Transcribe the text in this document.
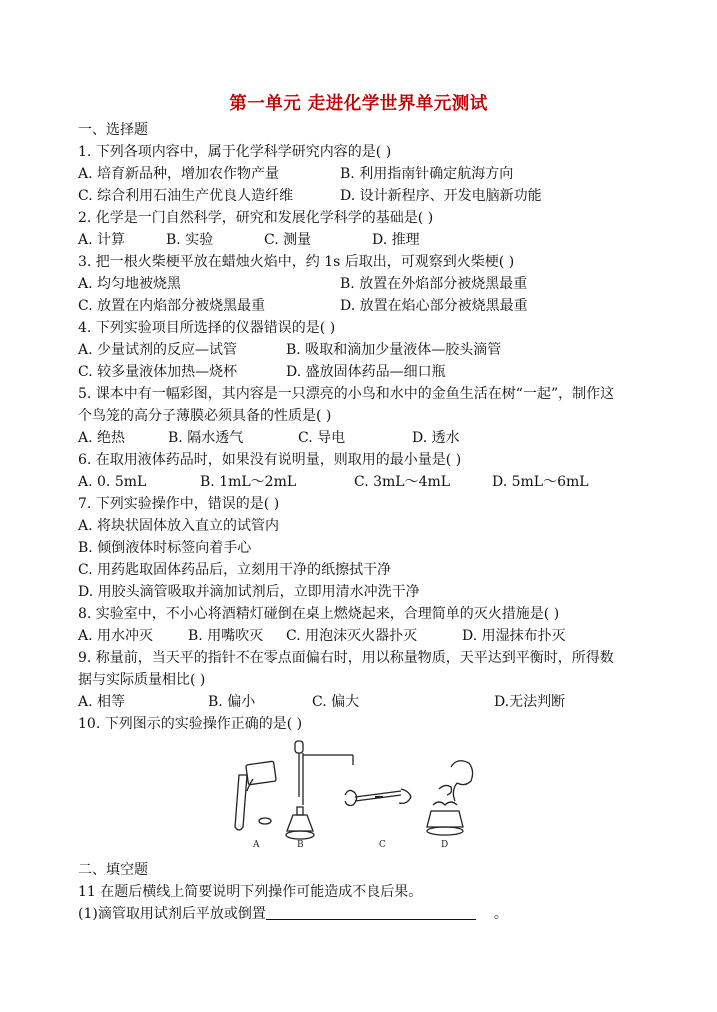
第一单元 走进化学世界单元测试
一、选择题
1. 下列各项内容中，属于化学科学研究内容的是( )
A. 培育新品种，增加农作物产量	B. 利用指南针确定航海方向
C. 综合利用石油生产优良人造纤维	D. 设计新程序、开发电脑新功能
2. 化学是一门自然科学，研究和发展化学科学的基础是( )
A. 计算	B. 实验	C. 测量	D. 推理
3. 把一根火柴梗平放在蜡烛火焰中，约 1s 后取出，可观察到火柴梗( )
A. 均匀地被烧黑	B. 放置在外焰部分被烧黑最重
C. 放置在内焰部分被烧黑最重	D. 放置在焰心部分被烧黑最重
4. 下列实验项目所选择的仪器错误的是( )
A. 少量试剂的反应—试管	B. 吸取和滴加少量液体—胶头滴管
C. 较多量液体加热—烧杯	D. 盛放固体药品—细口瓶
5. 课本中有一幅彩图，其内容是一只漂亮的小鸟和水中的金鱼生活在树“一起”，制作这
个鸟笼的高分子薄膜必须具备的性质是( )
A. 绝热	B. 隔水透气	C. 导电	D. 透水
6. 在取用液体药品时，如果没有说明量，则取用的最小量是( )
A. 0. 5mL	B. 1mL～2mL	C. 3mL～4mL	D. 5mL～6mL
7. 下列实验操作中，错误的是( )
A. 将块状固体放入直立的试管内
B. 倾倒液体时标签向着手心
C. 用药匙取固体药品后，立刻用干净的纸擦拭干净
D. 用胶头滴管吸取并滴加试剂后，立即用清水冲洗干净
8. 实验室中，不小心将酒精灯碰倒在桌上燃烧起来，合理简单的灭火措施是( )
A. 用水冲灭 B. 用嘴吹灭 C. 用泡沫灭火器扑灭	D. 用湿抹布扑灭
9. 称量前，当天平的指针不在零点面偏右时，用以称量物质，天平达到平衡时，所得数
据与实际质量相比( )
A. 相等	B. 偏小	C. 偏大	D.无法判断
10. 下列图示的实验操作正确的是( )
A	B	C	D
二、填空题
11 在题后横线上简要说明下列操作可能造成不良后果。
(1)滴管取用试剂后平放或倒置	。
